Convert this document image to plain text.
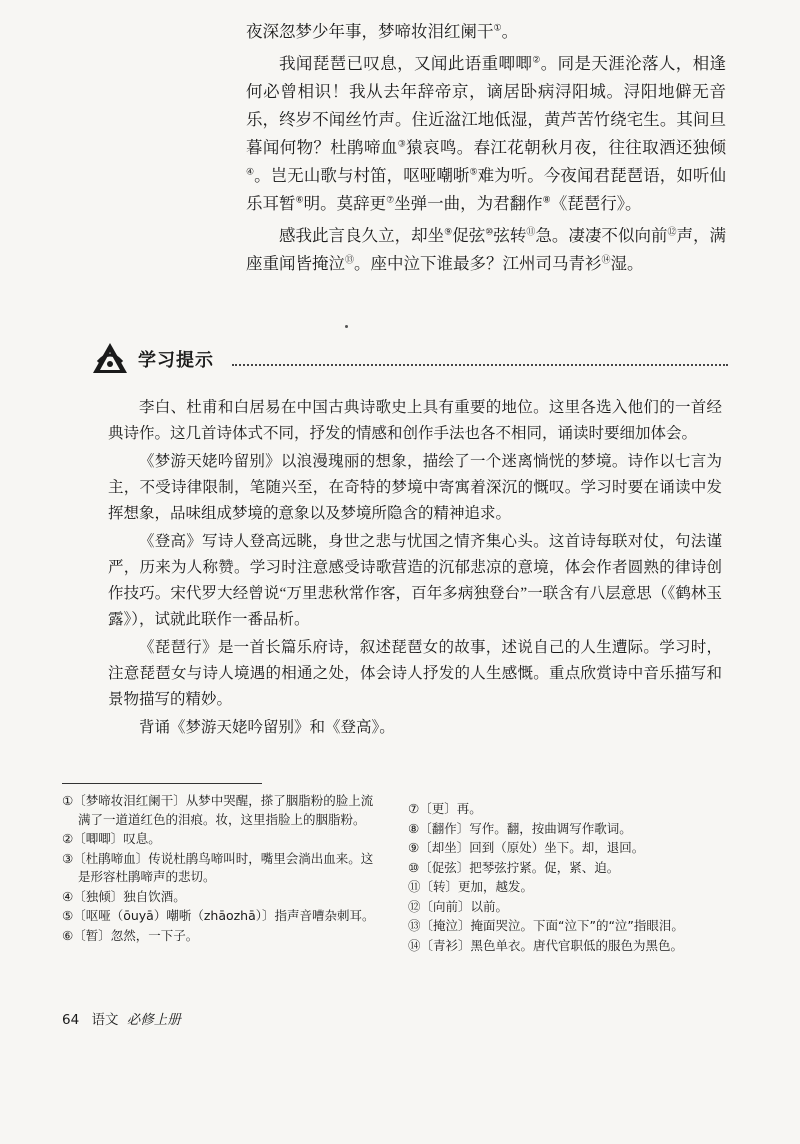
夜深忽梦少年事，梦啼妆泪红阑干①。

我闻琵琶已叹息，又闻此语重唧唧②。同是天涯沦落人，相逢何必曾相识！我从去年辞帝京，谪居卧病浔阳城。浔阳地僻无音乐，终岁不闻丝竹声。住近湓江地低湿，黄芦苦竹绕宅生。其间旦暮闻何物？杜鹃啼血③猿哀鸣。春江花朝秋月夜，往往取酒还独倾④。岂无山歌与村笛，呕哑嘲哳⑤难为听。今夜闻君琵琶语，如听仙乐耳暂⑥明。莫辞更⑦坐弹一曲，为君翻作⑧《琵琶行》。

感我此言良久立，却坐⑨促弦⑩弦转⑪急。凄凄不似向前⑫声，满座重闻皆掩泣⑬。座中泣下谁最多？江州司马青衫⑭湿。

学习提示

李白、杜甫和白居易在中国古典诗歌史上具有重要的地位。这里各选入他们的一首经典诗作。这几首诗体式不同，抒发的情感和创作手法也各不相同，诵读时要细加体会。

《梦游天姥吟留别》以浪漫瑰丽的想象，描绘了一个迷离惝恍的梦境。诗作以七言为主，不受诗律限制，笔随兴至，在奇特的梦境中寄寓着深沉的慨叹。学习时要在诵读中发挥想象，品味组成梦境的意象以及梦境所隐含的精神追求。

《登高》写诗人登高远眺，身世之悲与忧国之情齐集心头。这首诗每联对仗，句法谨严，历来为人称赞。学习时注意感受诗歌营造的沉郁悲凉的意境，体会作者圆熟的律诗创作技巧。宋代罗大经曾说“万里悲秋常作客，百年多病独登台”一联含有八层意思（《鹤林玉露》），试就此联作一番品析。

《琵琶行》是一首长篇乐府诗，叙述琵琶女的故事，述说自己的人生遭际。学习时，注意琵琶女与诗人境遇的相通之处，体会诗人抒发的人生感慨。重点欣赏诗中音乐描写和景物描写的精妙。

背诵《梦游天姥吟留别》和《登高》。

①〔梦啼妆泪红阑干〕从梦中哭醒，搽了胭脂粉的脸上流满了一道道红色的泪痕。妆，这里指脸上的胭脂粉。

②〔唧唧〕叹息。

③〔杜鹃啼血〕传说杜鹃鸟啼叫时，嘴里会淌出血来。这是形容杜鹃啼声的悲切。

④〔独倾〕独自饮酒。

⑤〔呕哑（ōuyā）嘲哳（zhāozhā）〕指声音嘈杂刺耳。

⑥〔暂〕忽然，一下子。

⑦〔更〕再。

⑧〔翻作〕写作。翻，按曲调写作歌词。

⑨〔却坐〕回到（原处）坐下。却，退回。

⑩〔促弦〕把琴弦拧紧。促，紧、迫。

⑪〔转〕更加，越发。

⑫〔向前〕以前。

⑬〔掩泣〕掩面哭泣。下面“泣下”的“泣”指眼泪。

⑭〔青衫〕黑色单衣。唐代官职低的服色为黑色。

64 语文 必修上册
